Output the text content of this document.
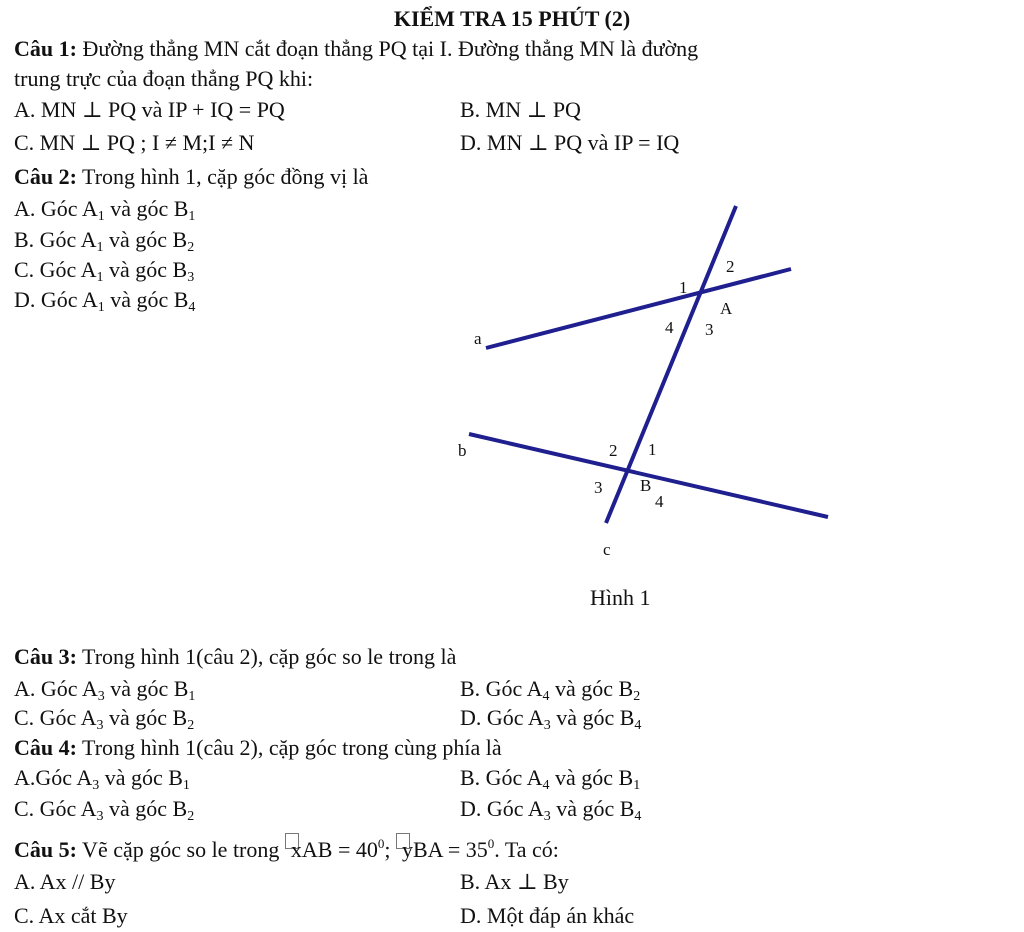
KIỂM TRA 15 PHÚT (2)
Câu 1: Đường thẳng MN cắt đoạn thẳng PQ tại I. Đường thẳng MN là đường
trung trực của đoạn thẳng PQ khi:
A. MN ⊥ PQ và IP + IQ = PQ	B. MN ⊥ PQ
C. MN ⊥ PQ ; I ≠ M;I ≠ N	D. MN ⊥ PQ và IP = IQ
Câu 2: Trong hình 1, cặp góc đồng vị là
A. Góc $A_1$ và góc $B_1$
B. Góc $A_1$ và góc $B_2$
C. Góc $A_1$ và góc $B_3$
D. Góc $A_1$ và góc $B_4$
a
b
c
A
B
1
2
3
4
1
2
3
4
Hình 1
Câu 3: Trong hình 1(câu 2), cặp góc so le trong là
A. Góc $A_3$ và góc $B_1$	B. Góc $A_4$ và góc $B_2$
C. Góc $A_3$ và góc $B_2$	D. Góc $A_3$ và góc $B_4$
Câu 4: Trong hình 1(câu 2), cặp góc trong cùng phía là
A.Góc $A_3$ và góc $B_1$	B. Góc $A_4$ và góc $B_1$
C. Góc $A_3$ và góc $B_2$	D. Góc $A_3$ và góc $B_4$
Câu 5: Vẽ cặp góc so le trong xAB = $40^0$; yBA = $35^0$. Ta có:
A. Ax // By	B. Ax ⊥ By
C. Ax cắt By	D. Một đáp án khác
